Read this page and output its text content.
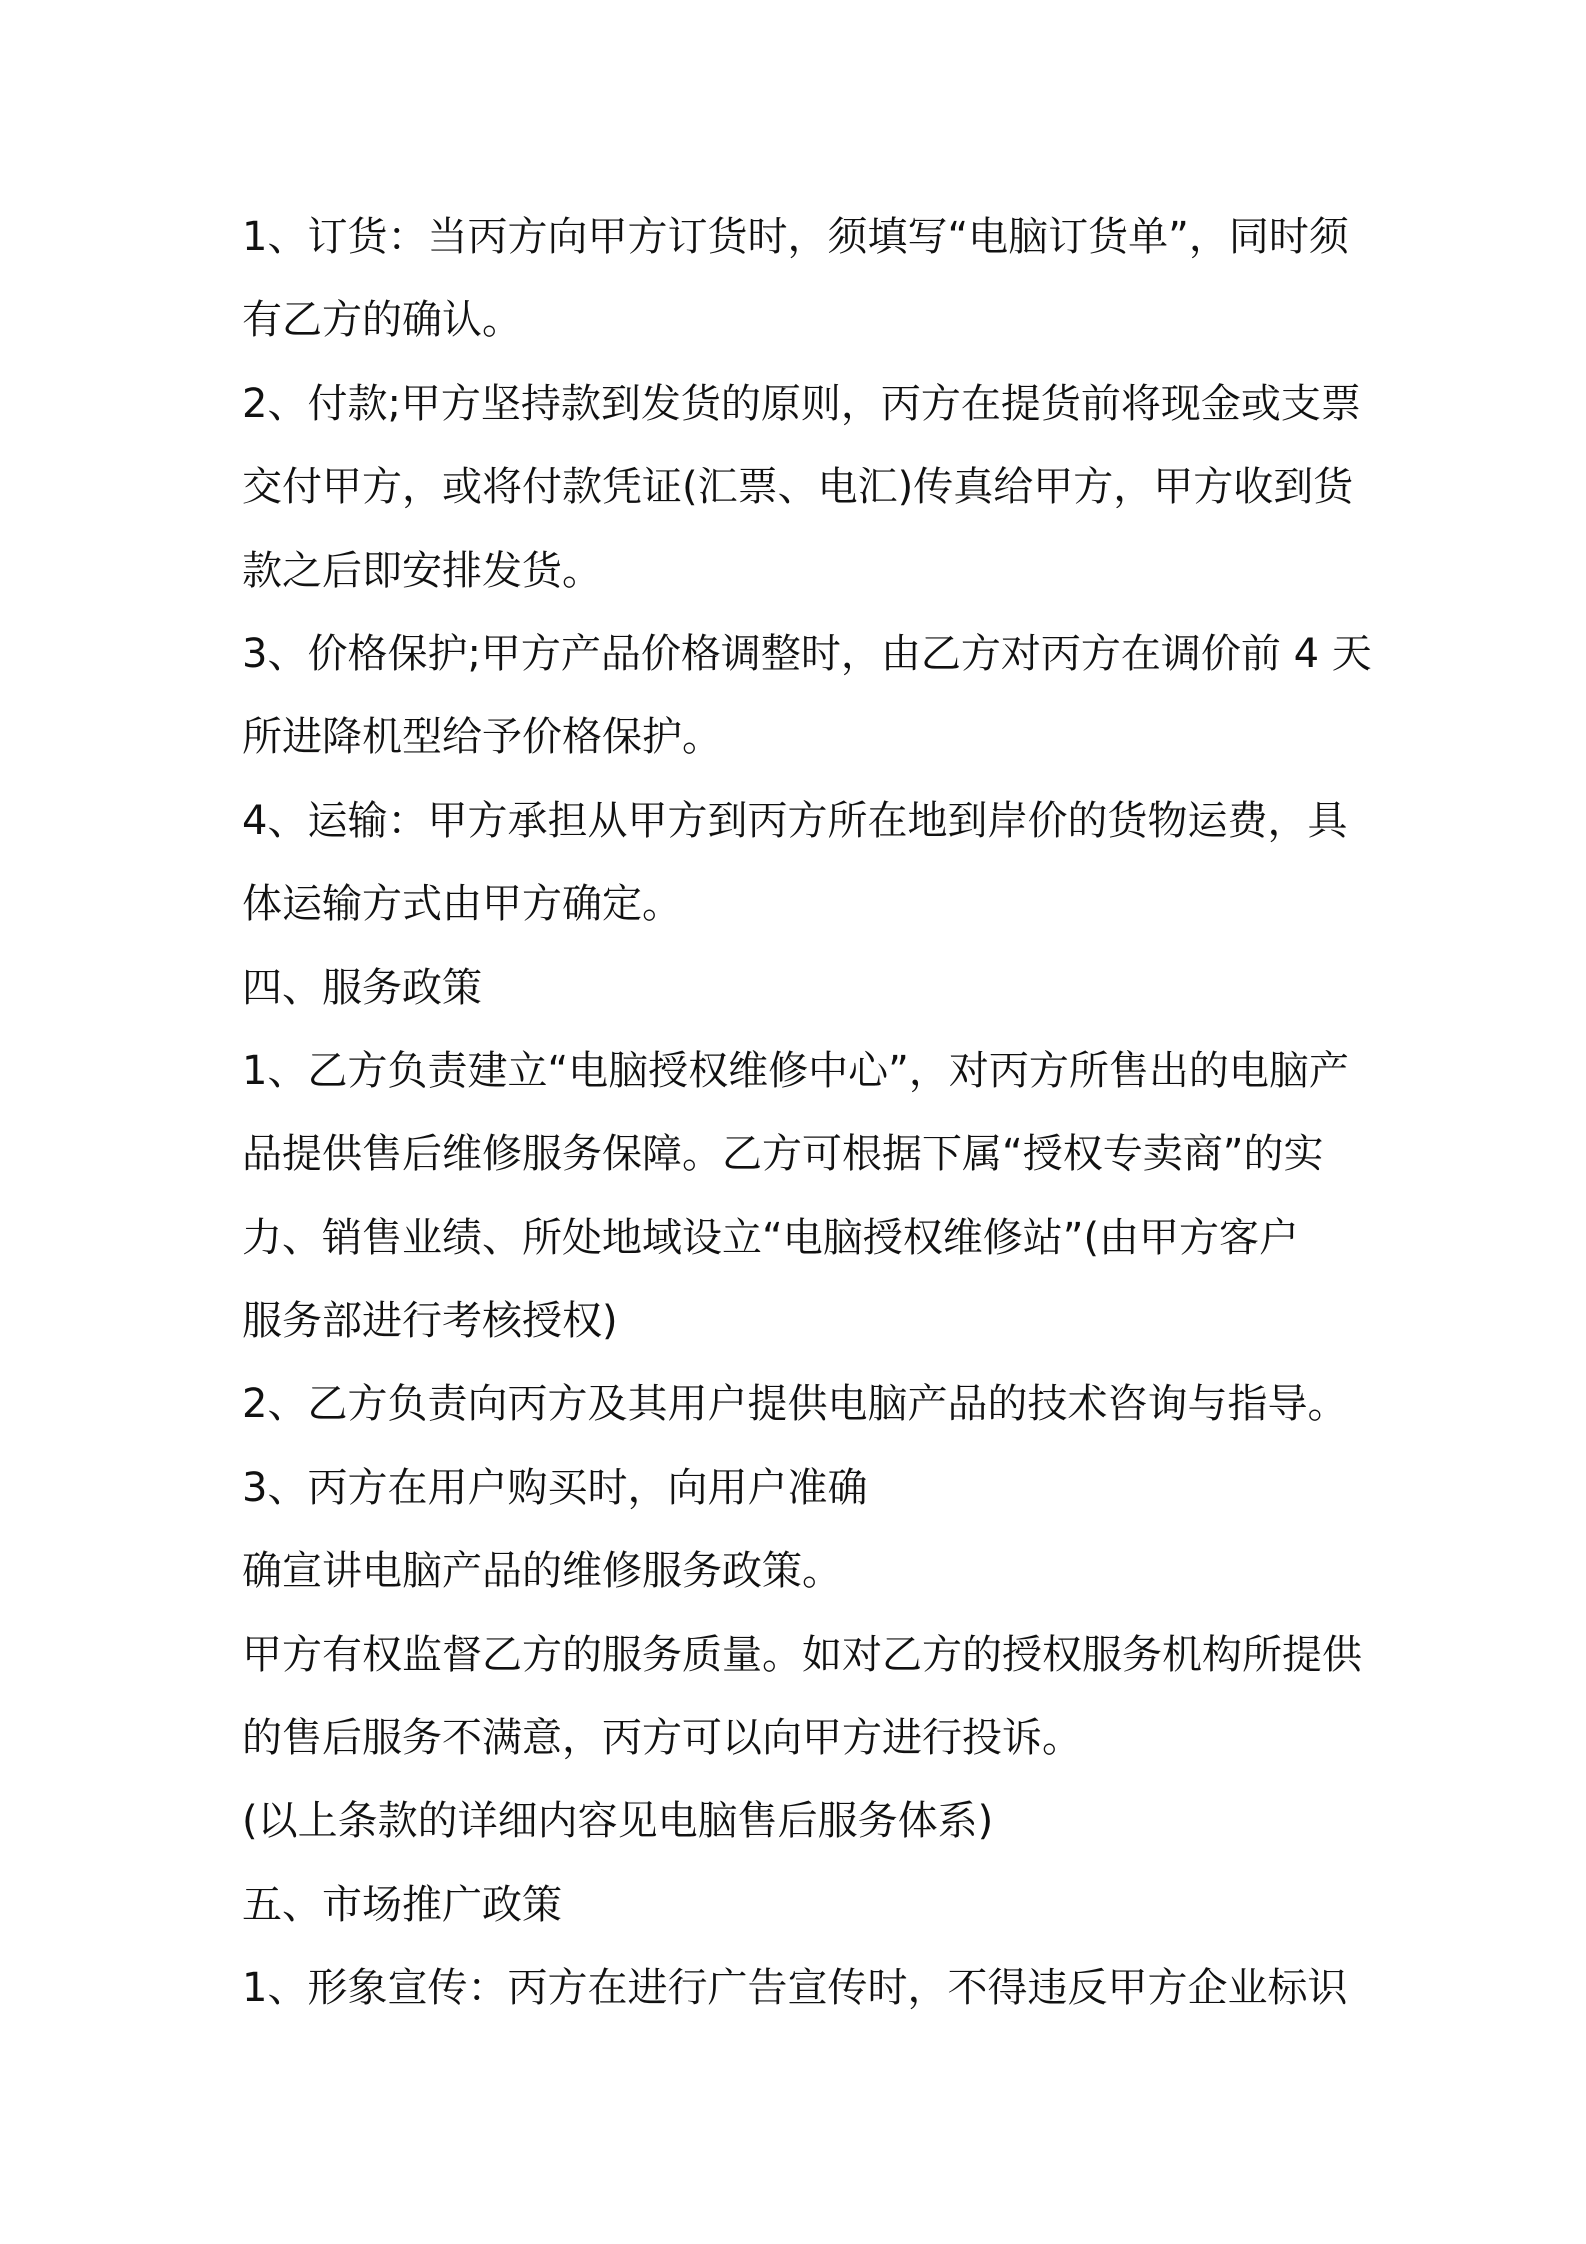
1、订货：当丙方向甲方订货时，须填写“电脑订货单”，同时须
有乙方的确认。
2、付款;甲方坚持款到发货的原则，丙方在提货前将现金或支票
交付甲方，或将付款凭证(汇票、电汇)传真给甲方，甲方收到货
款之后即安排发货。
3、价格保护;甲方产品价格调整时，由乙方对丙方在调价前 4 天
所进降机型给予价格保护。
4、运输：甲方承担从甲方到丙方所在地到岸价的货物运费，具
体运输方式由甲方确定。
四、服务政策
1、乙方负责建立“电脑授权维修中心”，对丙方所售出的电脑产
品提供售后维修服务保障。乙方可根据下属“授权专卖商”的实
力、销售业绩、所处地域设立“电脑授权维修站”(由甲方客户
服务部进行考核授权)
2、乙方负责向丙方及其用户提供电脑产品的技术咨询与指导。
3、丙方在用户购买时，向用户准确
确宣讲电脑产品的维修服务政策。
甲方有权监督乙方的服务质量。如对乙方的授权服务机构所提供
的售后服务不满意，丙方可以向甲方进行投诉。
(以上条款的详细内容见电脑售后服务体系)
五、市场推广政策
1、形象宣传：丙方在进行广告宣传时，不得违反甲方企业标识
